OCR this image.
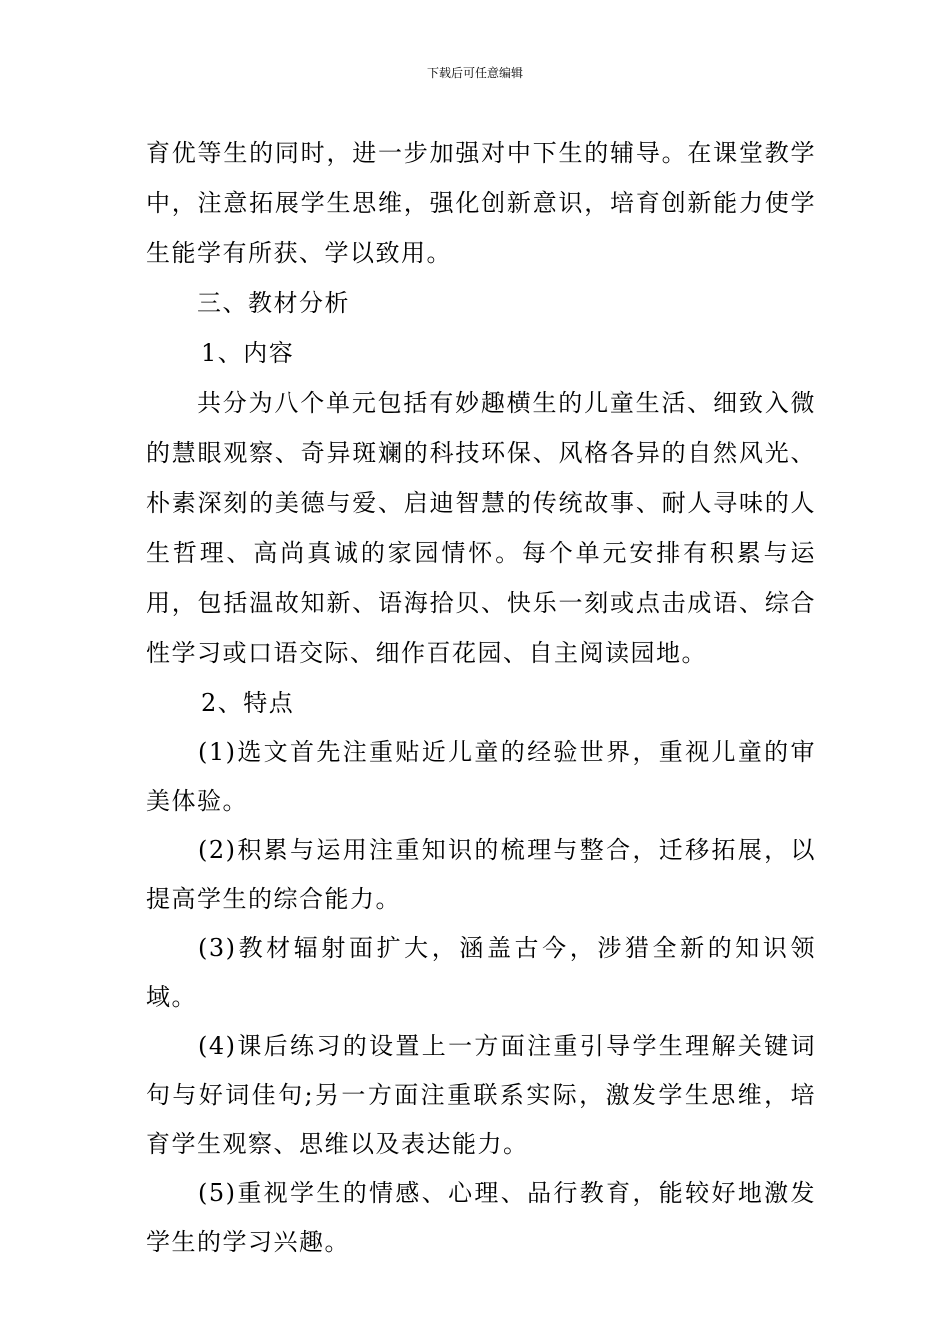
下载后可任意编辑

育优等生的同时，进一步加强对中下生的辅导。在课堂教学中，注意拓展学生思维，强化创新意识，培育创新能力使学生能学有所获、学以致用。

三、教材分析

1、内容

共分为八个单元包括有妙趣横生的儿童生活、细致入微的慧眼观察、奇异斑斓的科技环保、风格各异的自然风光、朴素深刻的美德与爱、启迪智慧的传统故事、耐人寻味的人生哲理、高尚真诚的家园情怀。每个单元安排有积累与运用，包括温故知新、语海拾贝、快乐一刻或点击成语、综合性学习或口语交际、细作百花园、自主阅读园地。

2、特点

(1)选文首先注重贴近儿童的经验世界，重视儿童的审美体验。

(2)积累与运用注重知识的梳理与整合，迁移拓展，以提高学生的综合能力。

(3)教材辐射面扩大，涵盖古今，涉猎全新的知识领域。

(4)课后练习的设置上一方面注重引导学生理解关键词句与好词佳句;另一方面注重联系实际，激发学生思维，培育学生观察、思维以及表达能力。

(5)重视学生的情感、心理、品行教育，能较好地激发学生的学习兴趣。
